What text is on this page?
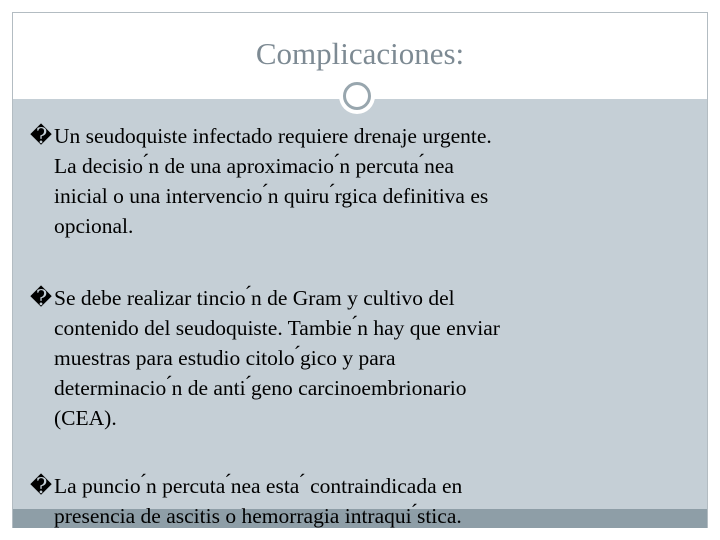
Complicaciones:
�Un seudoquiste infectado requiere drenaje urgente.
La decisio ́n de una aproximacio ́n percuta ́nea
inicial o una intervencio ́n quiru ́rgica definitiva es
opcional.
�Se debe realizar tincio ́n de Gram y cultivo del
contenido del seudoquiste. Tambie ́n hay que enviar
muestras para estudio citolo ́gico y para
determinacio ́n de anti ́geno carcinoembrionario
(CEA).
�La puncio ́n percuta ́nea esta ́ contraindicada en
presencia de ascitis o hemorragia intraqui ́stica.
